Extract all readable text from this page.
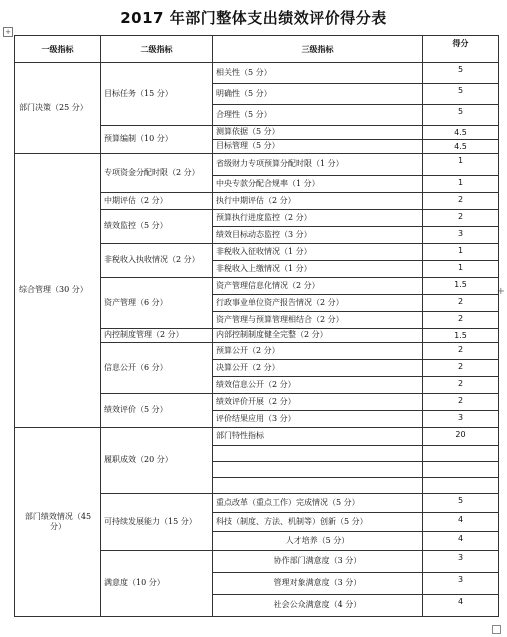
2017 年部门整体支出绩效评价得分表
+
+
一级指标	二级指标	三级指标	得分
部门决策（25 分）	目标任务（15 分）	相关性（5 分）	5
		明确性（5 分）	5
		合理性（5 分）	5
	预算编制（10 分）	测算依据（5 分）	4.5
		目标管理（5 分）	4.5
综合管理（30 分）	专项资金分配时限（2 分）	省级财力专项预算分配时限（1 分）	1
		中央专款分配合规率（1 分）	1
	中期评估（2 分）	执行中期评估（2 分）	2
	绩效监控（5 分）	预算执行进度监控（2 分）	2
		绩效目标动态监控（3 分）	3
	非税收入执收情况（2 分）	非税收入征收情况（1 分）	1
		非税收入上缴情况（1 分）	1
	资产管理（6 分）	资产管理信息化情况（2 分）	1.5
		行政事业单位资产报告情况（2 分）	2
		资产管理与预算管理相结合（2 分）	2
	内控制度管理（2 分）	内部控制制度健全完整（2 分）	1.5
	信息公开（6 分）	预算公开（2 分）	2
		决算公开（2 分）	2
		绩效信息公开（2 分）	2
	绩效评价（5 分）	绩效评价开展（2 分）	2
		评价结果应用（3 分）	3
部门绩效情况（45 分）	履职成效（20 分）	部门特性指标	20

	可持续发展能力（15 分）	重点改革（重点工作）完成情况（5 分）	5
		科技（制度、方法、机制等）创新（5 分）	4
		人才培养（5 分）	4
	满意度（10 分）	协作部门满意度（3 分）	3
		管理对象满意度（3 分）	3
		社会公众满意度（4 分）	4
